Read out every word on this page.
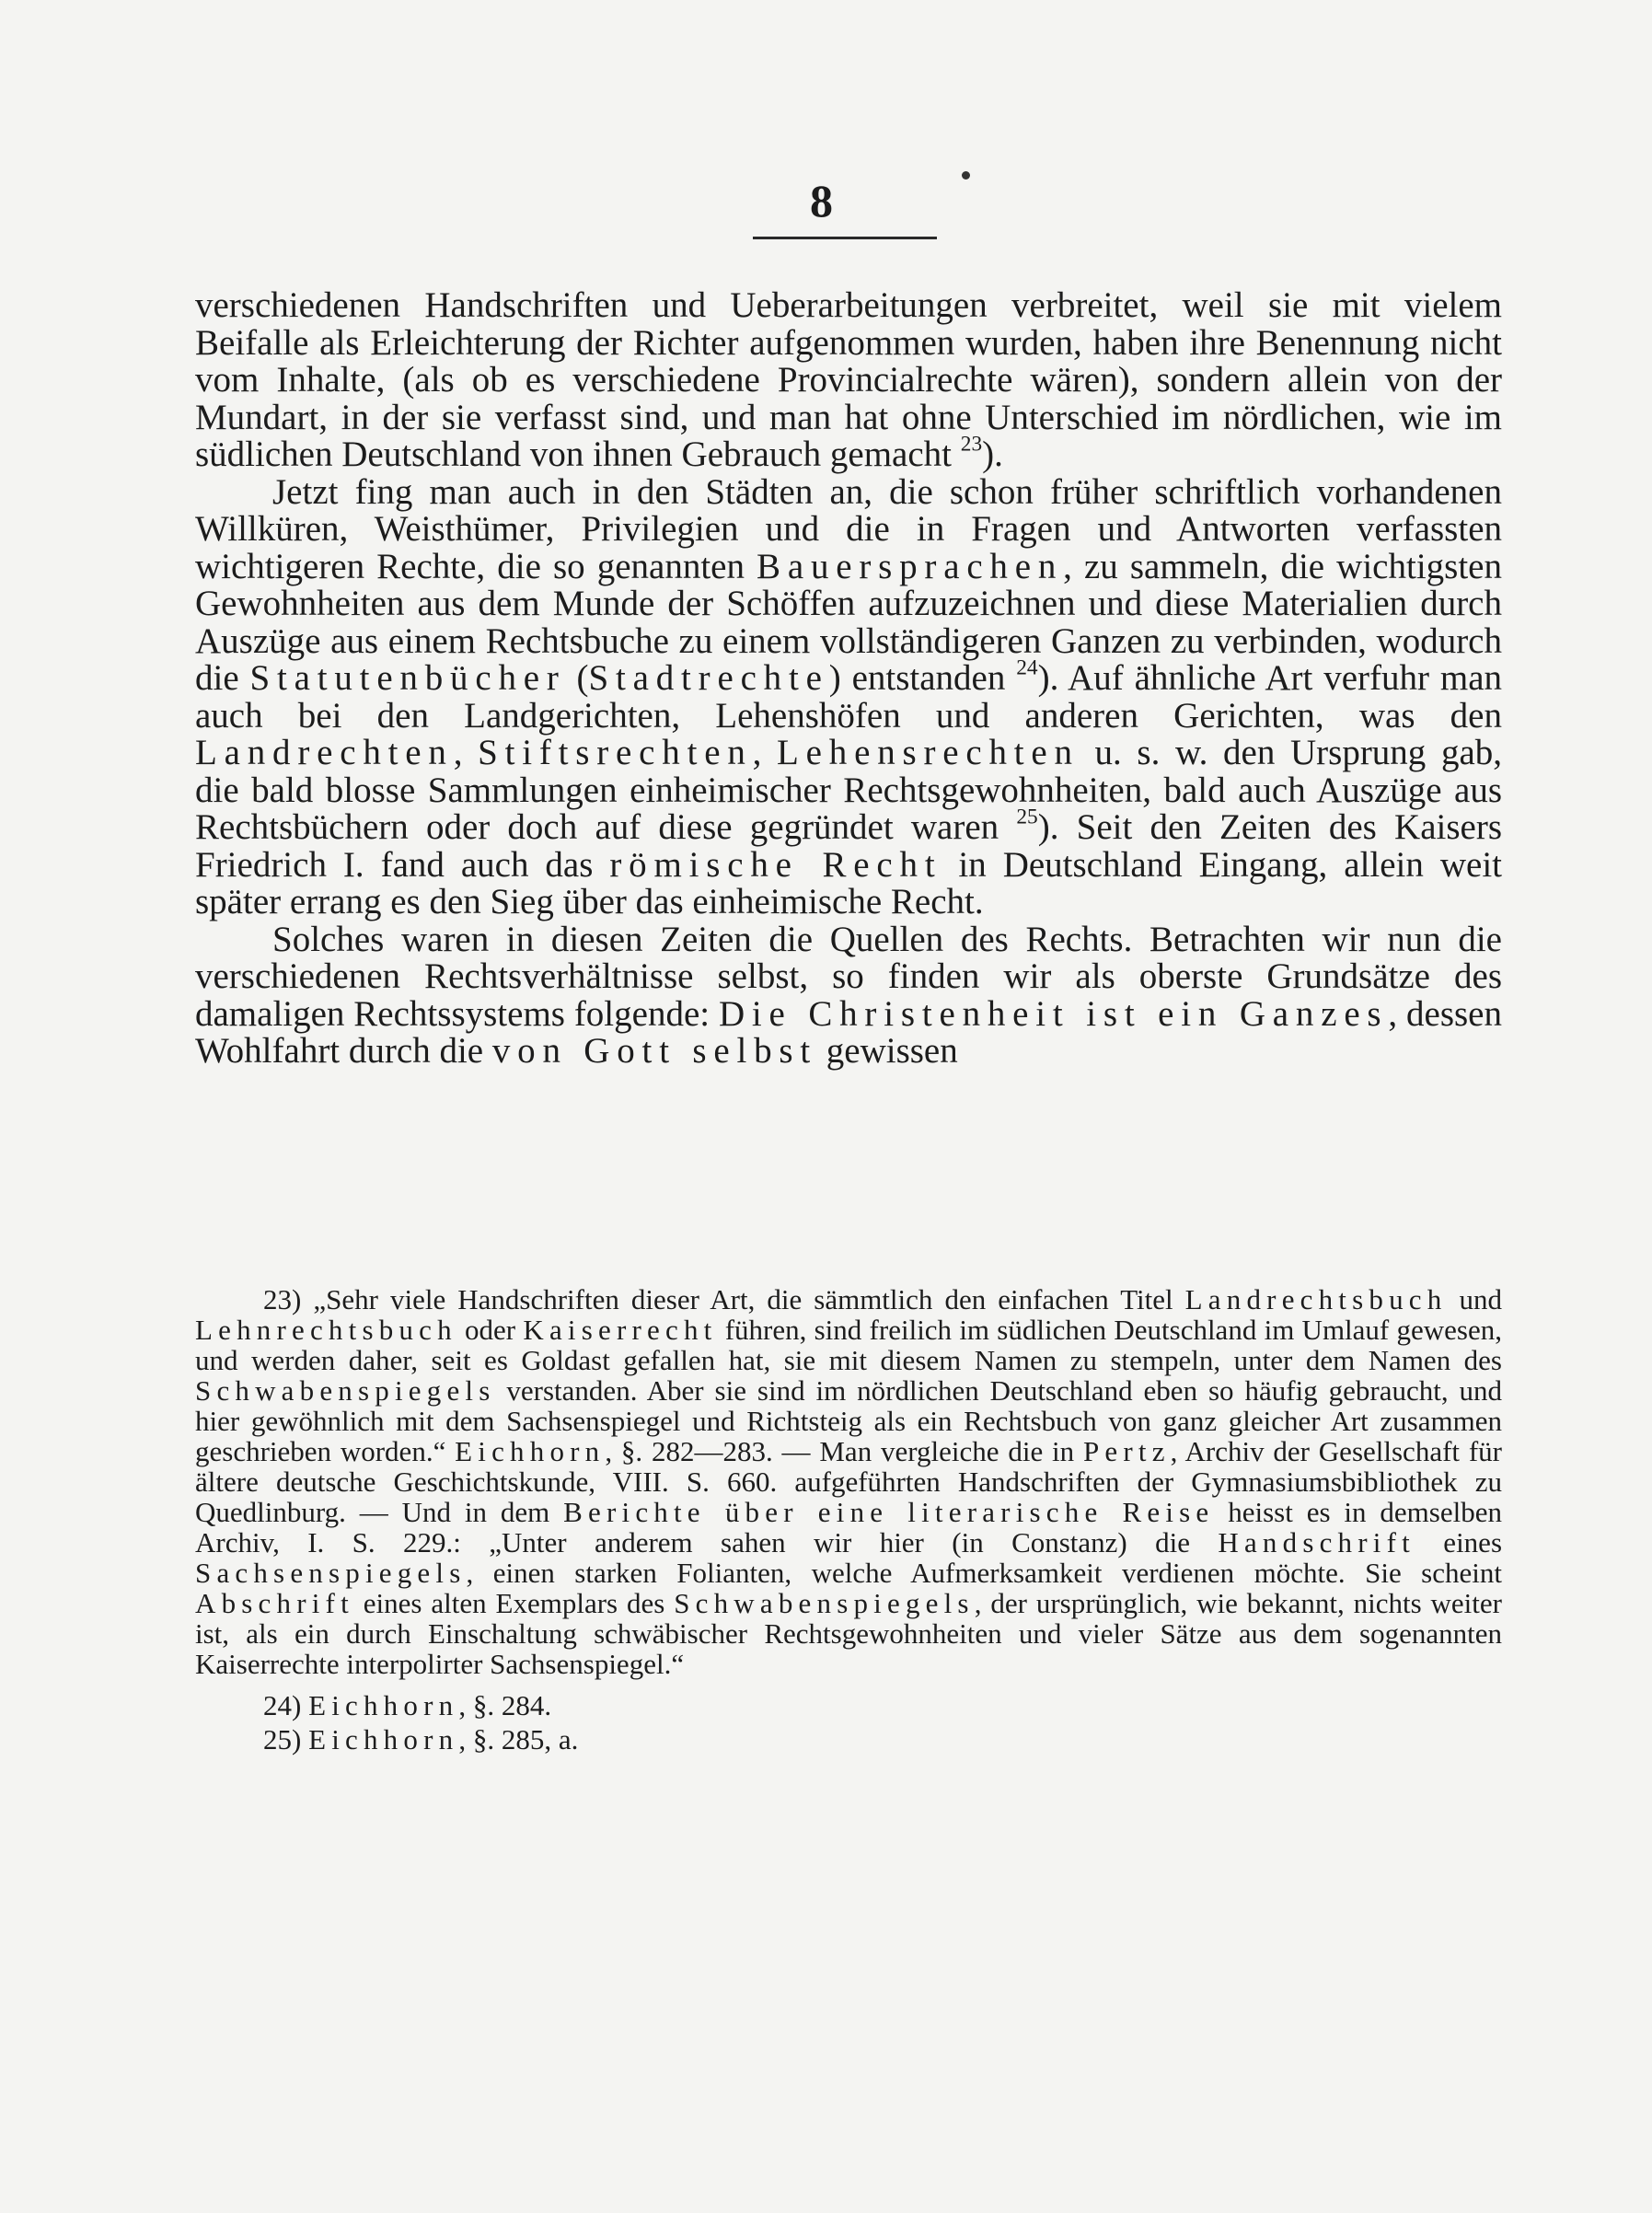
8

verschiedenen Handschriften und Ueberarbeitungen verbreitet, weil sie mit vielem Beifalle als Erleichterung der Richter aufgenommen wurden, haben ihre Benennung nicht vom Inhalte, (als ob es verschiedene Provincialrechte wären), sondern allein von der Mundart, in der sie verfasst sind, und man hat ohne Unterschied im nördlichen, wie im südlichen Deutschland von ihnen Gebrauch gemacht $^{23}$).

Jetzt fing man auch in den Städten an, die schon früher schriftlich vorhandenen Willküren, Weisthümer, Privilegien und die in Fragen und Antworten verfassten wichtigeren Rechte, die so genannten Bauersprachen, zu sammeln, die wichtigsten Gewohnheiten aus dem Munde der Schöffen aufzuzeichnen und diese Materialien durch Auszüge aus einem Rechtsbuche zu einem vollständigeren Ganzen zu verbinden, wodurch die Statutenbücher (Stadtrechte) entstanden $^{24}$). Auf ähnliche Art verfuhr man auch bei den Landgerichten, Lehenshöfen und anderen Gerichten, was den Landrechten, Stiftsrechten, Lehensrechten u. s. w. den Ursprung gab, die bald blosse Sammlungen einheimischer Rechtsgewohnheiten, bald auch Auszüge aus Rechtsbüchern oder doch auf diese gegründet waren $^{25}$). Seit den Zeiten des Kaisers Friedrich I. fand auch das römische Recht in Deutschland Eingang, allein weit später errang es den Sieg über das einheimische Recht.

Solches waren in diesen Zeiten die Quellen des Rechts. Betrachten wir nun die verschiedenen Rechtsverhältnisse selbst, so finden wir als oberste Grundsätze des damaligen Rechtssystems folgende: Die Christenheit ist ein Ganzes, dessen Wohlfahrt durch die von Gott selbst gewissen

23) „Sehr viele Handschriften dieser Art, die sämmtlich den einfachen Titel Landrechtsbuch und Lehnrechtsbuch oder Kaiserrecht führen, sind freilich im südlichen Deutschland im Umlauf gewesen, und werden daher, seit es Goldast gefallen hat, sie mit diesem Namen zu stempeln, unter dem Namen des Schwabenspiegels verstanden. Aber sie sind im nördlichen Deutschland eben so häufig gebraucht, und hier gewöhnlich mit dem Sachsenspiegel und Richtsteig als ein Rechtsbuch von ganz gleicher Art zusammen geschrieben worden.“ Eichhorn, §. 282—283. — Man vergleiche die in Pertz, Archiv der Gesellschaft für ältere deutsche Geschichtskunde, VIII. S. 660. aufgeführten Handschriften der Gymnasiumsbibliothek zu Quedlinburg. — Und in dem Berichte über eine literarische Reise heisst es in demselben Archiv, I. S. 229.: „Unter anderem sahen wir hier (in Constanz) die Handschrift eines Sachsenspiegels, einen starken Folianten, welche Aufmerksamkeit verdienen möchte. Sie scheint Abschrift eines alten Exemplars des Schwabenspiegels, der ursprünglich, wie bekannt, nichts weiter ist, als ein durch Einschaltung schwäbischer Rechtsgewohnheiten und vieler Sätze aus dem sogenannten Kaiserrechte interpolirter Sachsenspiegel.“

24) Eichhorn, §. 284.

25) Eichhorn, §. 285, a.
